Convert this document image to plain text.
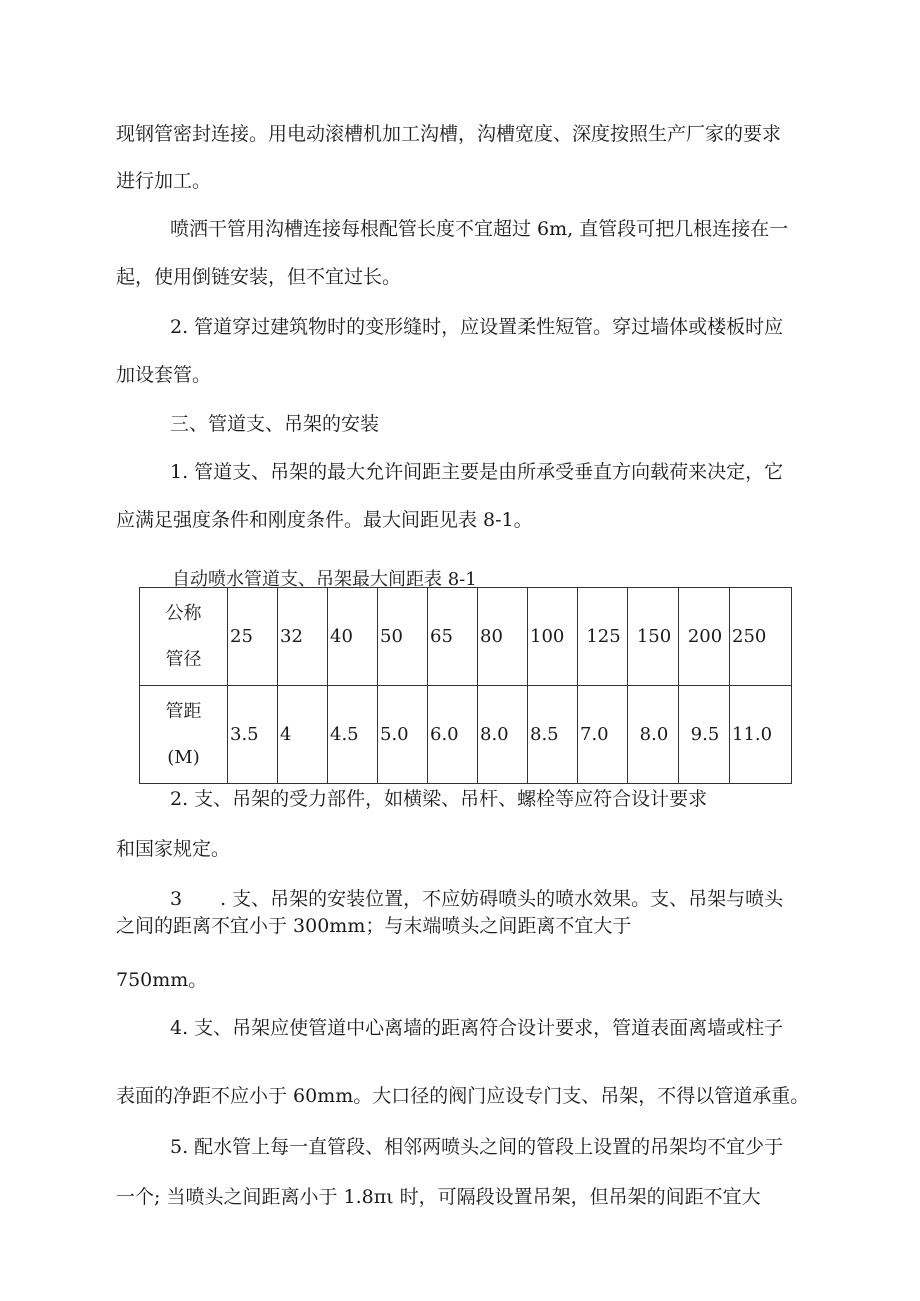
现钢管密封连接。用电动滚槽机加工沟槽，沟槽宽度、深度按照生产厂家的要求

进行加工。

喷洒干管用沟槽连接每根配管长度不宜超过 6m, 直管段可把几根连接在一

起，使用倒链安装，但不宜过长。

2. 管道穿过建筑物时的变形缝时，应设置柔性短管。穿过墙体或楼板时应

加设套管。

三、管道支、吊架的安装

1. 管道支、吊架的最大允许间距主要是由所承受垂直方向载荷来决定，它

应满足强度条件和刚度条件。最大间距见表 8-1。

自动喷水管道支、吊架最大间距表 8-1
公称
管径	25	32	40	50	65	80	100	125	150	200	250

管距
(M)	3.5	4	4.5	5.0	6.0	8.0	8.5	7.0	8.0	9.5	11.0

2. 支、吊架的受力部件，如横梁、吊杆、螺栓等应符合设计要求

和国家规定。

3  . 支、吊架的安装位置，不应妨碍喷头的喷水效果。支、吊架与喷头

之间的距离不宜小于 300mm；与末端喷头之间距离不宜大于

750mm。

4. 支、吊架应使管道中心离墙的距离符合设计要求，管道表面离墙或柱子

表面的净距不应小于 60mm。大口径的阀门应设专门支、吊架，不得以管道承重。

5. 配水管上每一直管段、相邻两喷头之间的管段上设置的吊架均不宜少于

一个; 当喷头之间距离小于 1.8πι 时，可隔段设置吊架，但吊架的间距不宜大
